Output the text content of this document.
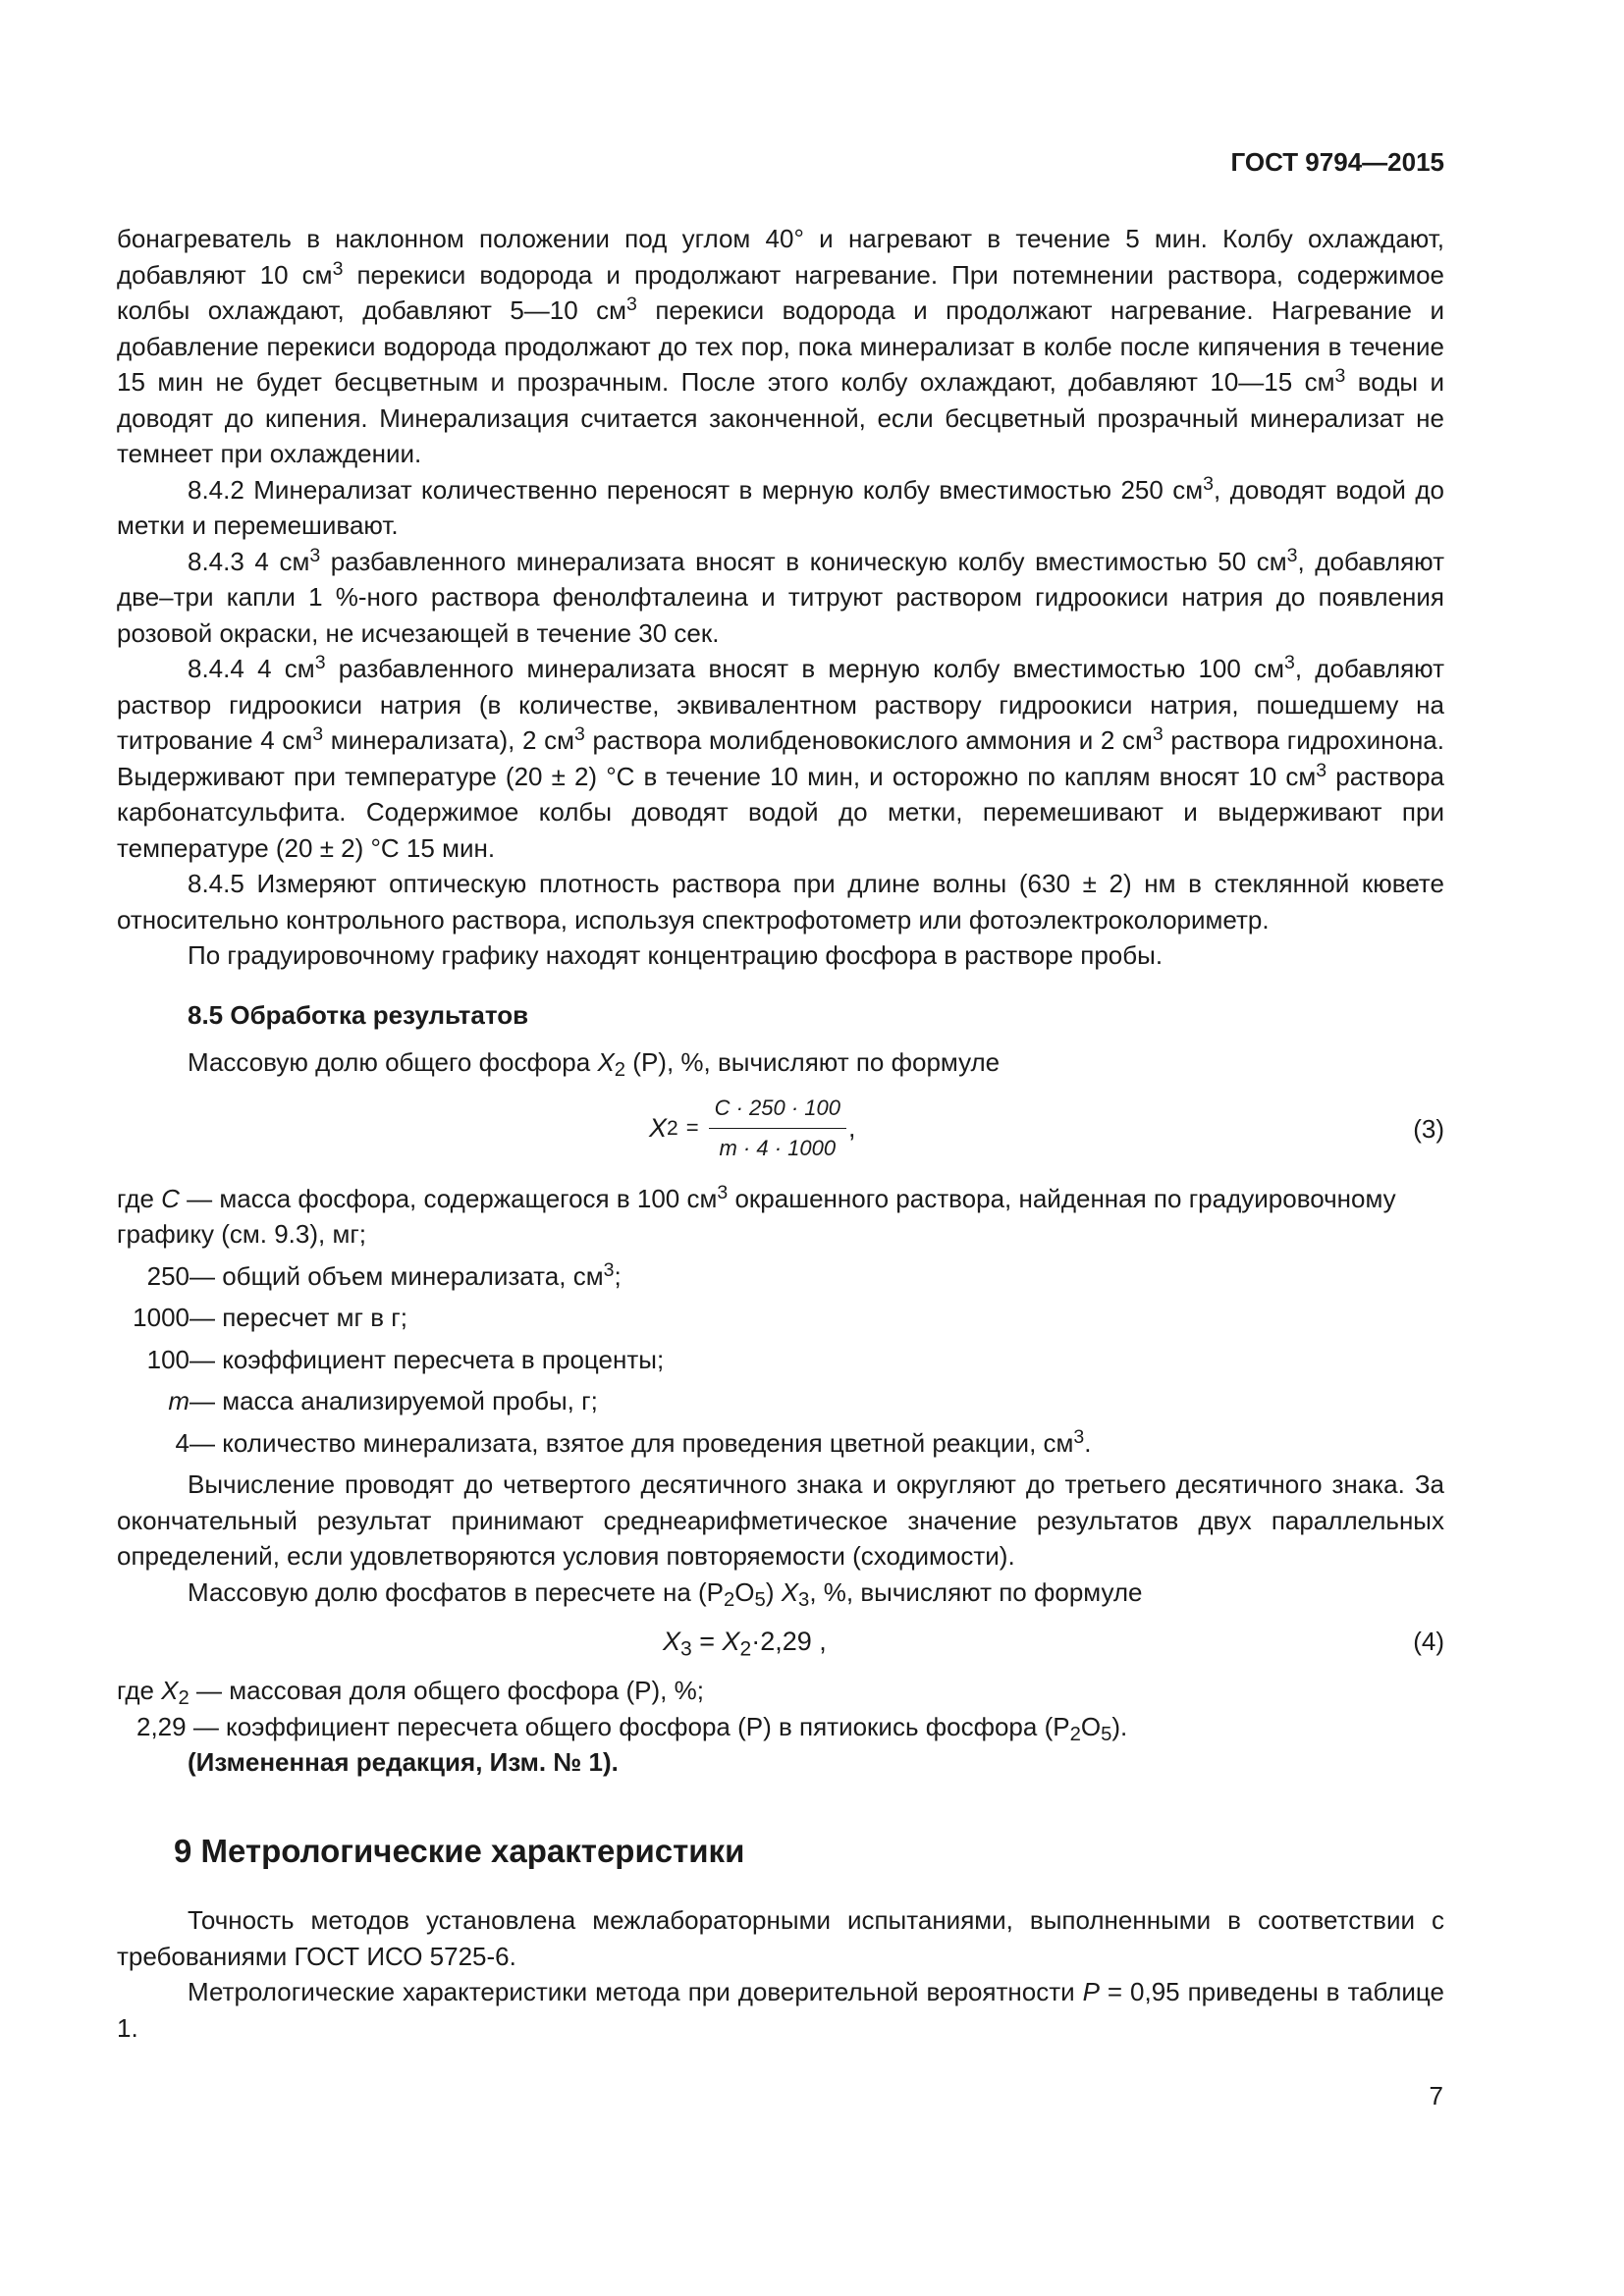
ГОСТ 9794—2015

бонагреватель в наклонном положении под углом 40° и нагревают в течение 5 мин. Колбу охлаждают, добавляют 10 $см^3$ перекиси водорода и продолжают нагревание. При потемнении раствора, содержимое колбы охлаждают, добавляют 5—10 $см^3$ перекиси водорода и продолжают нагревание. Нагревание и добавление перекиси водорода продолжают до тех пор, пока минерализат в колбе после кипячения в течение 15 мин не будет бесцветным и прозрачным. После этого колбу охлаждают, добавляют 10—15 $см^3$ воды и доводят до кипения. Минерализация считается законченной, если бесцветный прозрачный минерализат не темнеет при охлаждении.

8.4.2 Минерализат количественно переносят в мерную колбу вместимостью 250 $см^3$, доводят водой до метки и перемешивают.

8.4.3 4 $см^3$ разбавленного минерализата вносят в коническую колбу вместимостью 50 $см^3$, добавляют две–три капли 1 %-ного раствора фенолфталеина и титруют раствором гидроокиси натрия до появления розовой окраски, не исчезающей в течение 30 сек.

8.4.4 4 $см^3$ разбавленного минерализата вносят в мерную колбу вместимостью 100 $см^3$, добавляют раствор гидроокиси натрия (в количестве, эквивалентном раствору гидроокиси натрия, пошедшему на титрование 4 $см^3$ минерализата), 2 $см^3$ раствора молибденовокислого аммония и 2 $см^3$ раствора гидрохинона. Выдерживают при температуре (20 ± 2) °С в течение 10 мин, и осторожно по каплям вносят 10 $см^3$ раствора карбонатсульфита. Содержимое колбы доводят водой до метки, перемешивают и выдерживают при температуре (20 ± 2) °С 15 мин.

8.4.5 Измеряют оптическую плотность раствора при длине волны (630 ± 2) нм в стеклянной кювете относительно контрольного раствора, используя спектрофотометр или фотоэлектроколориметр.

По градуировочному графику находят концентрацию фосфора в растворе пробы.

8.5 Обработка результатов

Массовую долю общего фосфора $X_2$ (Р), %, вычисляют по формуле

X $2 = \frac{C \cdot 250 \cdot 100}{m \cdot 4 \cdot 1000}$ ,	(3)
где C — масса фосфора, содержащегося в 100 $см^3$ окрашенного раствора, найденная по градуировочному графику (см. 9.3), мг;
250 — общий объем минерализата, $см^3$;
1000 — пересчет мг в г;
100 — коэффициент пересчета в проценты;
m — масса анализируемой пробы, г;
4 — количество минерализата, взятое для проведения цветной реакции, $см^3$.

Вычисление проводят до четвертого десятичного знака и округляют до третьего десятичного знака. За окончательный результат принимают среднеарифметическое значение результатов двух параллельных определений, если удовлетворяются условия повторяемости (сходимости).

Массовую долю фосфатов в пересчете на $(Р_2O_5)$ $X_3$, %, вычисляют по формуле

$X_3 = X_2\cdot 2,29$ ,	(4)
где $X_2$ — массовая доля общего фосфора (Р), %;
2,29 — коэффициент пересчета общего фосфора (Р) в пятиокись фосфора $(Р_2O_5)$.
(Измененная редакция, Изм. № 1).
9 Метрологические характеристики

Точность методов установлена межлабораторными испытаниями, выполненными в соответствии с требованиями ГОСТ ИСО 5725-6.

Метрологические характеристики метода при доверительной вероятности P = 0,95 приведены в таблице 1.

7
